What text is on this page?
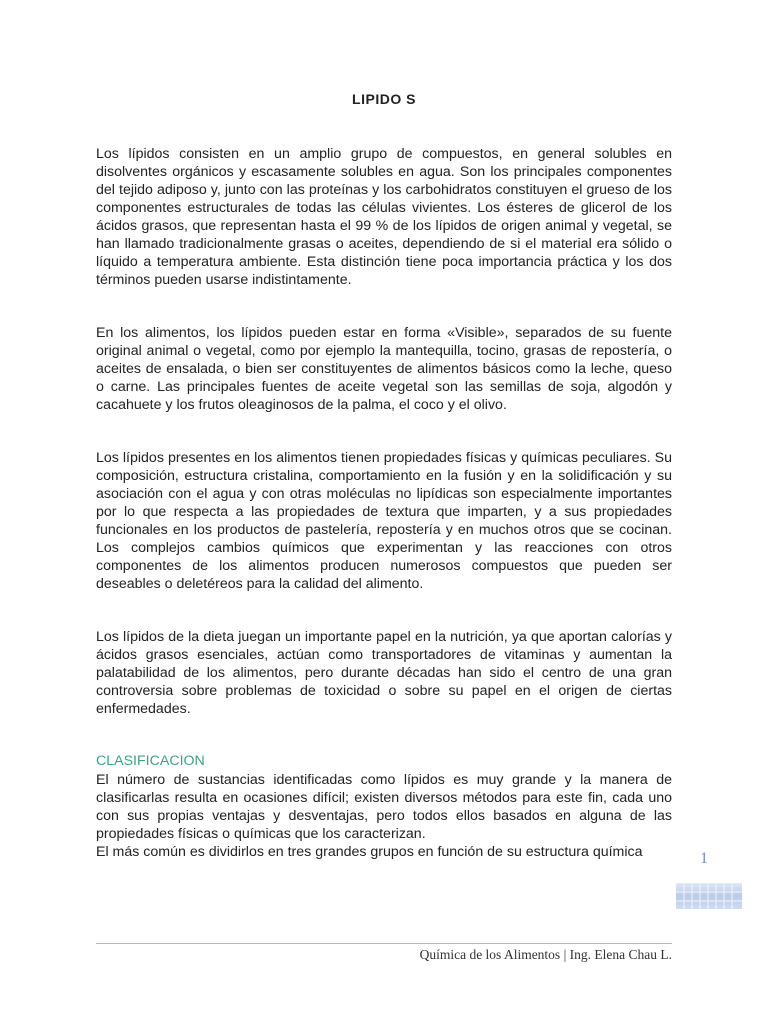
LIPIDO S

Los lípidos consisten en un amplio grupo de compuestos, en general solubles en disolventes orgánicos y escasamente solubles en agua. Son los principales componentes del tejido adiposo y, junto con las proteínas y los carbohidratos constituyen el grueso de los componentes estructurales de todas las células vivientes. Los ésteres de glicerol de los ácidos grasos, que representan hasta el 99 % de los lípidos de origen animal y vegetal, se han llamado tradicionalmente grasas o aceites, dependiendo de si el material era sólido o líquido a temperatura ambiente. Esta distinción tiene poca importancia práctica y los dos términos pueden usarse indistintamente.

En los alimentos, los lípidos pueden estar en forma «Visible», separados de su fuente original animal o vegetal, como por ejemplo la mantequilla, tocino, grasas de repostería, o aceites de ensalada, o bien ser constituyentes de alimentos básicos como la leche, queso o carne. Las principales fuentes de aceite vegetal son las semillas de soja, algodón y cacahuete y los frutos oleaginosos de la palma, el coco y el olivo.

Los lípidos presentes en los alimentos tienen propiedades físicas y químicas peculiares. Su composición, estructura cristalina, comportamiento en la fusión y en la solidificación y su asociación con el agua y con otras moléculas no lipídicas son especialmente importantes por lo que respecta a las propiedades de textura que imparten, y a sus propiedades funcionales en los productos de pastelería, repostería y en muchos otros que se cocinan. Los complejos cambios químicos que experimentan y las reacciones con otros componentes de los alimentos producen numerosos compuestos que pueden ser deseables o deletéreos para la calidad del alimento.

Los lípidos de la dieta juegan un importante papel en la nutrición, ya que aportan calorías y ácidos grasos esenciales, actúan como transportadores de vitaminas y aumentan la palatabilidad de los alimentos, pero durante décadas han sido el centro de una gran controversia sobre problemas de toxicidad o sobre su papel en el origen de ciertas enfermedades.

CLASIFICACION

El número de sustancias identificadas como lípidos es muy grande y la manera de clasificarlas resulta en ocasiones difícil; existen diversos métodos para este fin, cada uno con sus propias ventajas y desventajas, pero todos ellos basados en alguna de las propiedades físicas o químicas que los caracterizan.

El más común es dividirlos en tres grandes grupos en función de su estructura química	1
Química de los Alimentos | Ing. Elena Chau L.
